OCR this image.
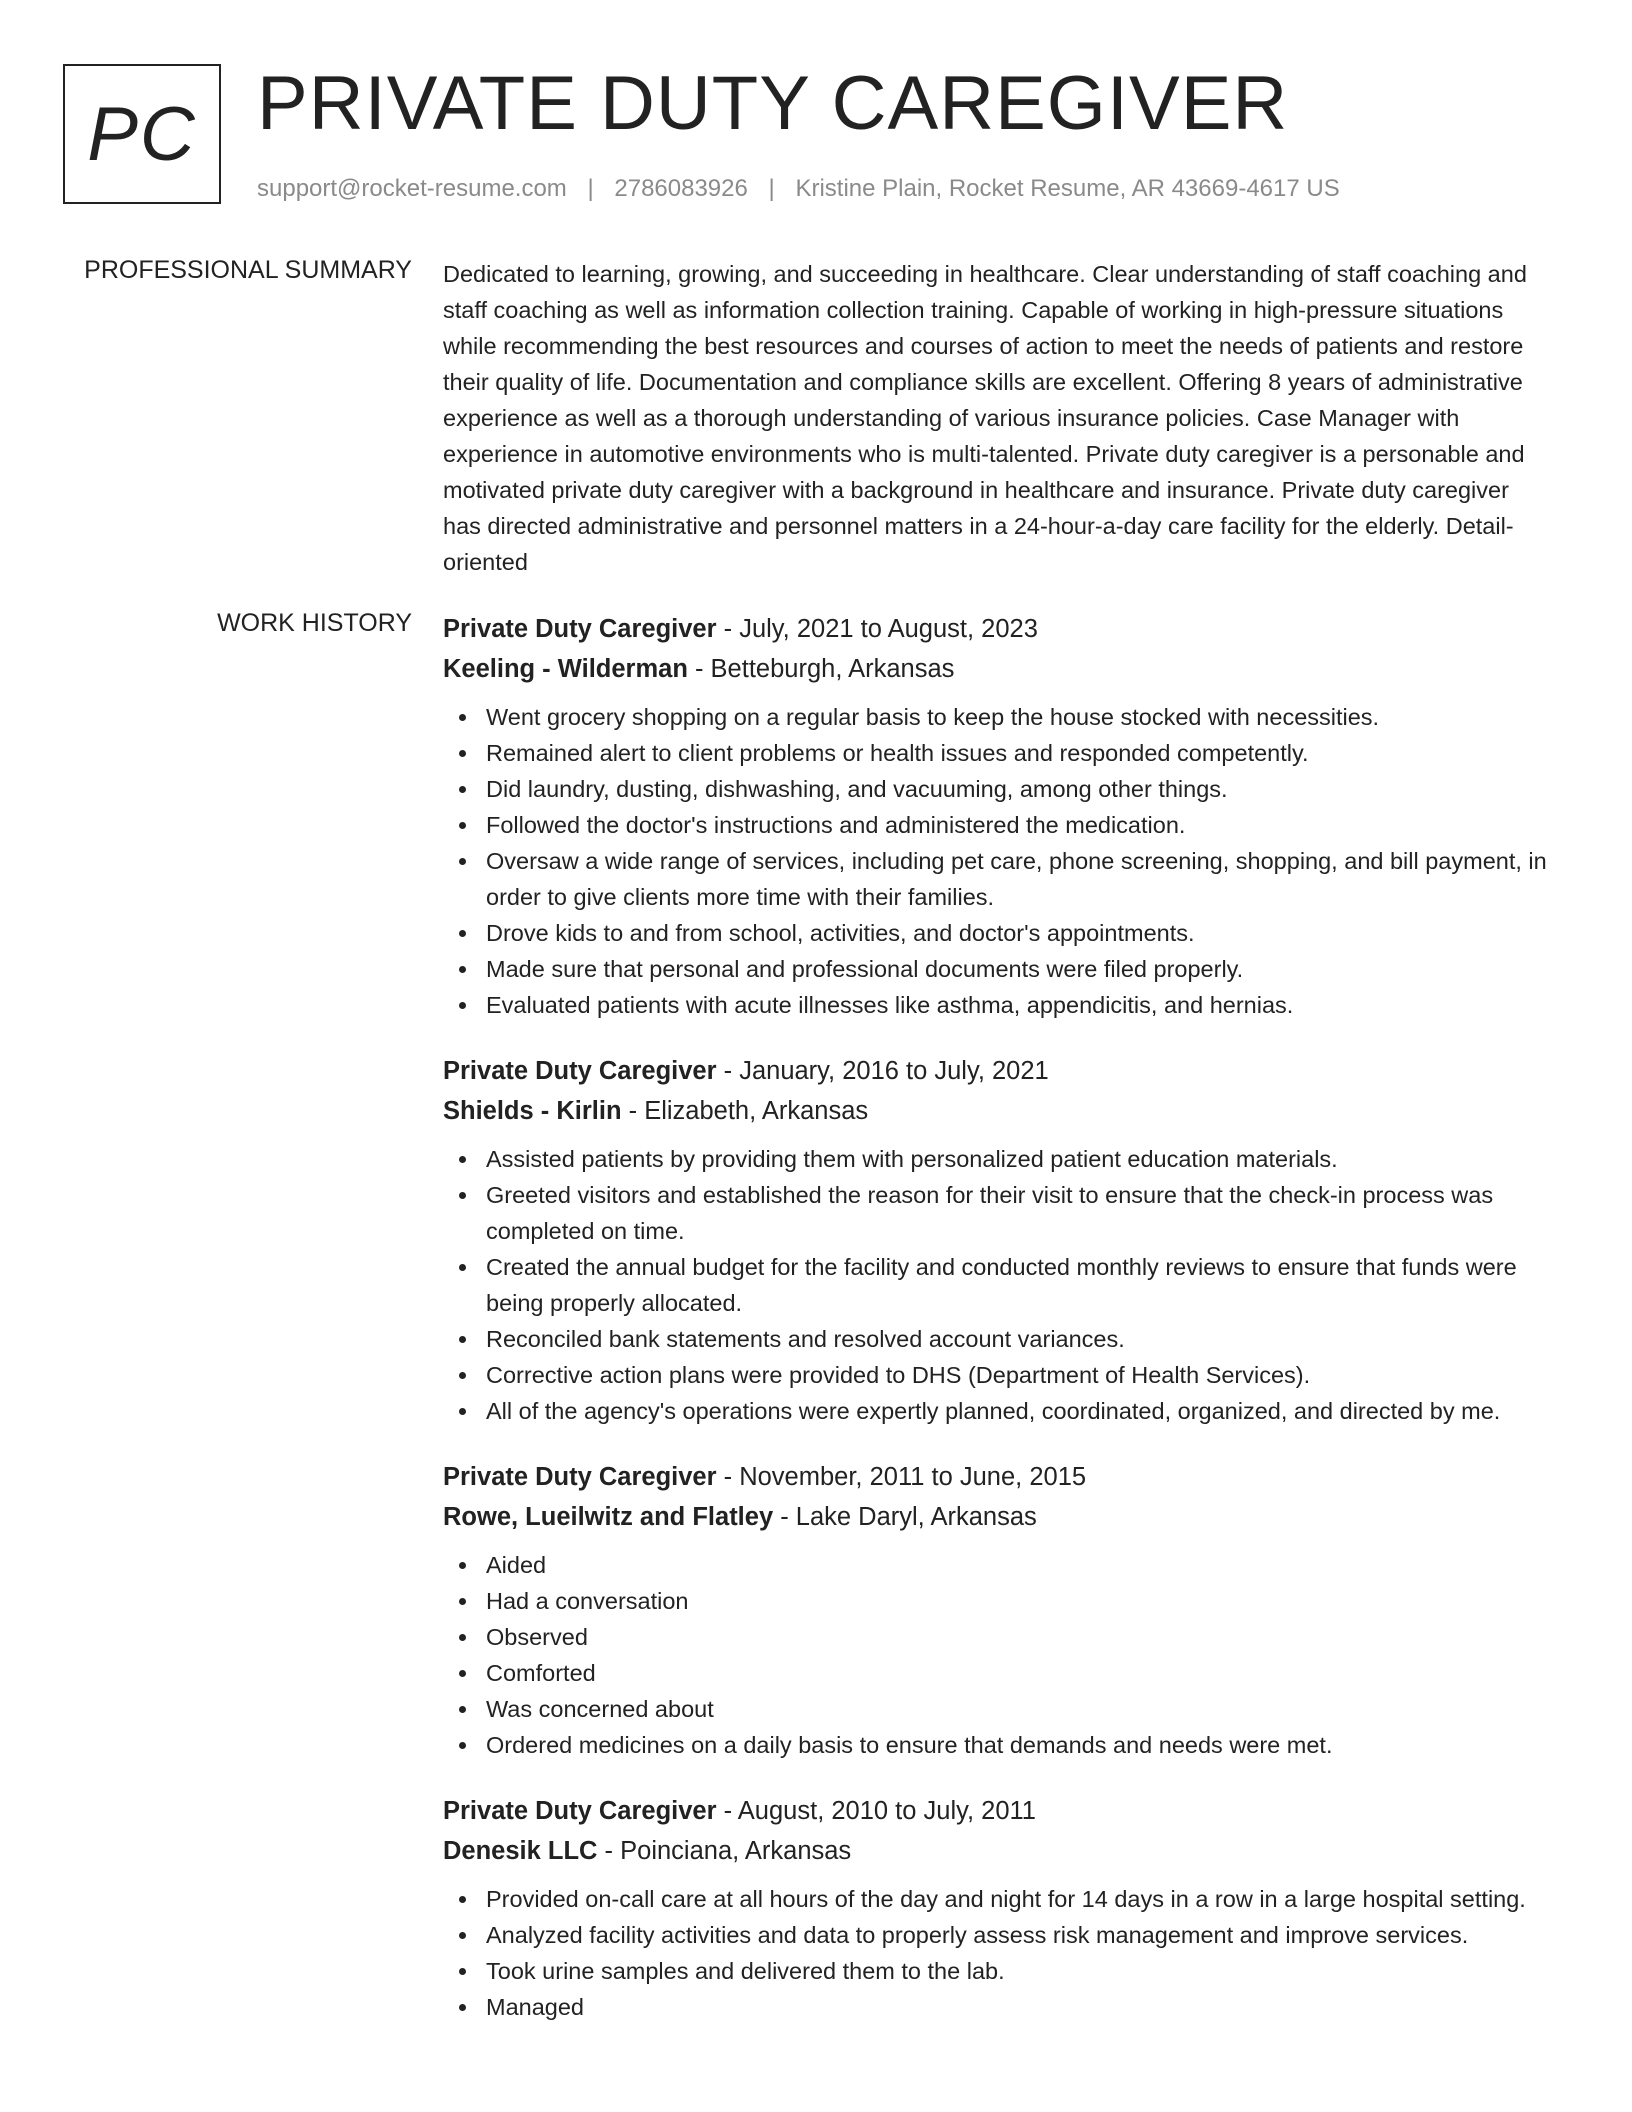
PC PRIVATE DUTY CAREGIVER
support@rocket-resume.com | 2786083926 | Kristine Plain, Rocket Resume, AR 43669-4617 US
PROFESSIONAL SUMMARY Dedicated to learning, growing, and succeeding in healthcare. Clear understanding of staff coaching and staff coaching as well as information collection training. Capable of working in high-pressure situations while recommending the best resources and courses of action to meet the needs of patients and restore their quality of life. Documentation and compliance skills are excellent. Offering 8 years of administrative experience as well as a thorough understanding of various insurance policies. Case Manager with experience in automotive environments who is multi-talented. Private duty caregiver is a personable and motivated private duty caregiver with a background in healthcare and insurance. Private duty caregiver has directed administrative and personnel matters in a 24-hour-a-day care facility for the elderly. Detail-oriented

WORK HISTORY Private Duty Caregiver - July, 2021 to August, 2023
Keeling - Wilderman - Betteburgh, Arkansas
Went grocery shopping on a regular basis to keep the house stocked with necessities.
Remained alert to client problems or health issues and responded competently.
Did laundry, dusting, dishwashing, and vacuuming, among other things.
Followed the doctor's instructions and administered the medication.
Oversaw a wide range of services, including pet care, phone screening, shopping, and bill payment, in order to give clients more time with their families.
Drove kids to and from school, activities, and doctor's appointments.
Made sure that personal and professional documents were filed properly.
Evaluated patients with acute illnesses like asthma, appendicitis, and hernias.
Private Duty Caregiver - January, 2016 to July, 2021
Shields - Kirlin - Elizabeth, Arkansas
Assisted patients by providing them with personalized patient education materials.
Greeted visitors and established the reason for their visit to ensure that the check-in process was completed on time.
Created the annual budget for the facility and conducted monthly reviews to ensure that funds were being properly allocated.
Reconciled bank statements and resolved account variances.
Corrective action plans were provided to DHS (Department of Health Services).
All of the agency's operations were expertly planned, coordinated, organized, and directed by me.
Private Duty Caregiver - November, 2011 to June, 2015
Rowe, Lueilwitz and Flatley - Lake Daryl, Arkansas
Aided
Had a conversation
Observed
Comforted
Was concerned about
Ordered medicines on a daily basis to ensure that demands and needs were met.
Private Duty Caregiver - August, 2010 to July, 2011
Denesik LLC - Poinciana, Arkansas
Provided on-call care at all hours of the day and night for 14 days in a row in a large hospital setting.
Analyzed facility activities and data to properly assess risk management and improve services.
Took urine samples and delivered them to the lab.
Managed
